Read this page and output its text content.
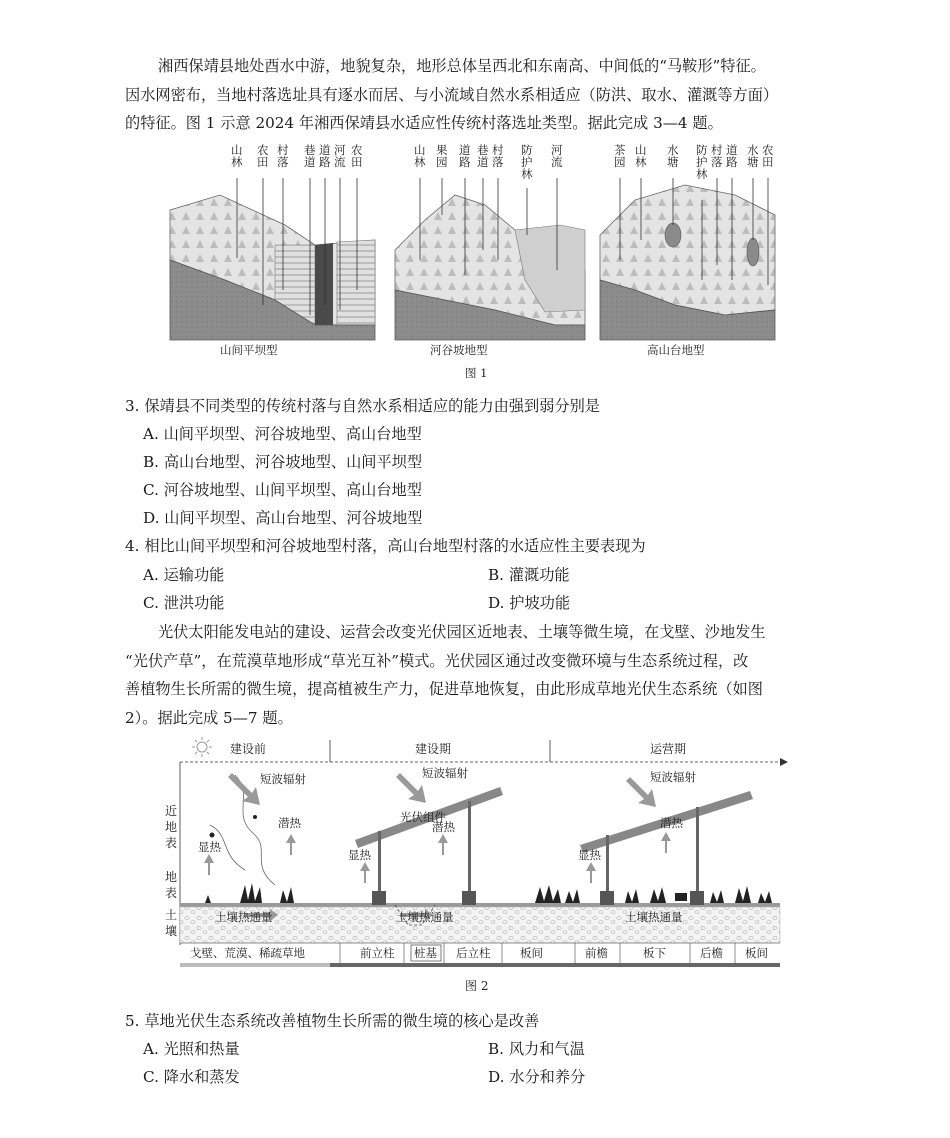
湘西保靖县地处酉水中游，地貌复杂，地形总体呈西北和东南高、中间低的“马鞍形”特征。
因水网密布，当地村落选址具有逐水而居、与小流域自然水系相适应（防洪、取水、灌溉等方面）
的特征。图 1 示意 2024 年湘西保靖县水适应性传统村落选址类型。据此完成 3—4 题。
山林
农田
村落
巷道
道路
河流
农田
山林
果园
道路
巷道
村落
防护林
河流
茶园
山林
水塘
防护林
村落
道路
水塘
农田
山间平坝型	河谷坡地型	高山台地型
图 1
3. 保靖县不同类型的传统村落与自然水系相适应的能力由强到弱分别是
A. 山间平坝型、河谷坡地型、高山台地型
B. 高山台地型、河谷坡地型、山间平坝型
C. 河谷坡地型、山间平坝型、高山台地型
D. 山间平坝型、高山台地型、河谷坡地型
4. 相比山间平坝型和河谷坡地型村落，高山台地型村落的水适应性主要表现为
A. 运输功能	B. 灌溉功能
C. 泄洪功能	D. 护坡功能
光伏太阳能发电站的建设、运营会改变光伏园区近地表、土壤等微生境，在戈壁、沙地发生
“光伏产草”，在荒漠草地形成“草光互补”模式。光伏园区通过改变微环境与生态系统过程，改
善植物生长所需的微生境，提高植被生产力，促进草地恢复，由此形成草地光伏生态系统（如图
2）。据此完成 5—7 题。
建设前	建设期	运营期
近
地
表
地
表
土
壤
短波辐射
潜热
显热
土壤热通量
短波辐射
光伏组件
潜热
显热
土壤热通量
短波辐射
潜热
显热
土壤热通量
戈壁、荒漠、稀疏草地	前立柱 桩基 后立柱	板间	前檐	板下	后檐 板间
图 2
5. 草地光伏生态系统改善植物生长所需的微生境的核心是改善
A. 光照和热量	B. 风力和气温
C. 降水和蒸发	D. 水分和养分
